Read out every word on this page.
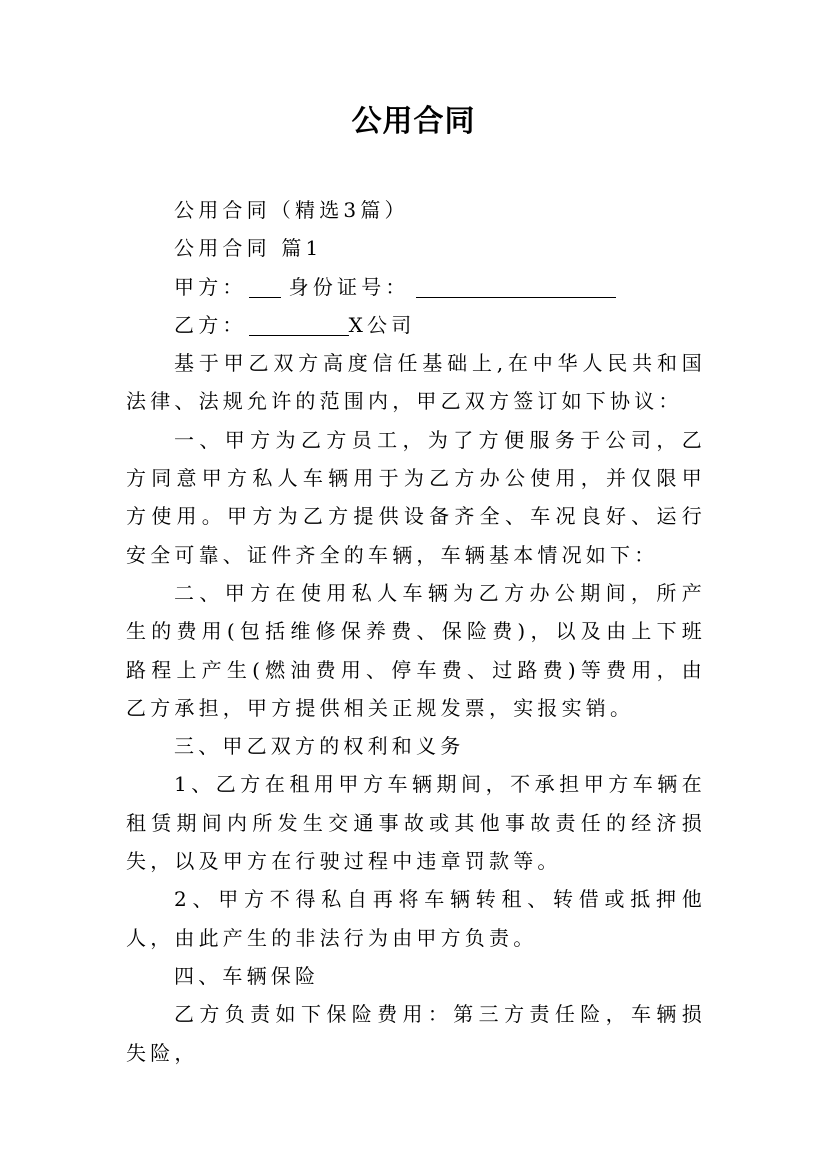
公用合同

公用合同（精选3篇）

公用合同 篇1

甲方： 身份证号：

乙方：	X公司

基于甲乙双方高度信任基础上,在中华人民共和国法律、法规允许的范围内，甲乙双方签订如下协议：

一、甲方为乙方员工，为了方便服务于公司，乙方同意甲方私人车辆用于为乙方办公使用，并仅限甲方使用。甲方为乙方提供设备齐全、车况良好、运行安全可靠、证件齐全的车辆，车辆基本情况如下：

二、甲方在使用私人车辆为乙方办公期间，所产生的费用(包括维修保养费、保险费)，以及由上下班路程上产生(燃油费用、停车费、过路费)等费用，由乙方承担，甲方提供相关正规发票，实报实销。

三、甲乙双方的权利和义务

1、乙方在租用甲方车辆期间，不承担甲方车辆在租赁期间内所发生交通事故或其他事故责任的经济损失，以及甲方在行驶过程中违章罚款等。

2、甲方不得私自再将车辆转租、转借或抵押他人，由此产生的非法行为由甲方负责。

四、车辆保险

乙方负责如下保险费用：第三方责任险，车辆损失险，
